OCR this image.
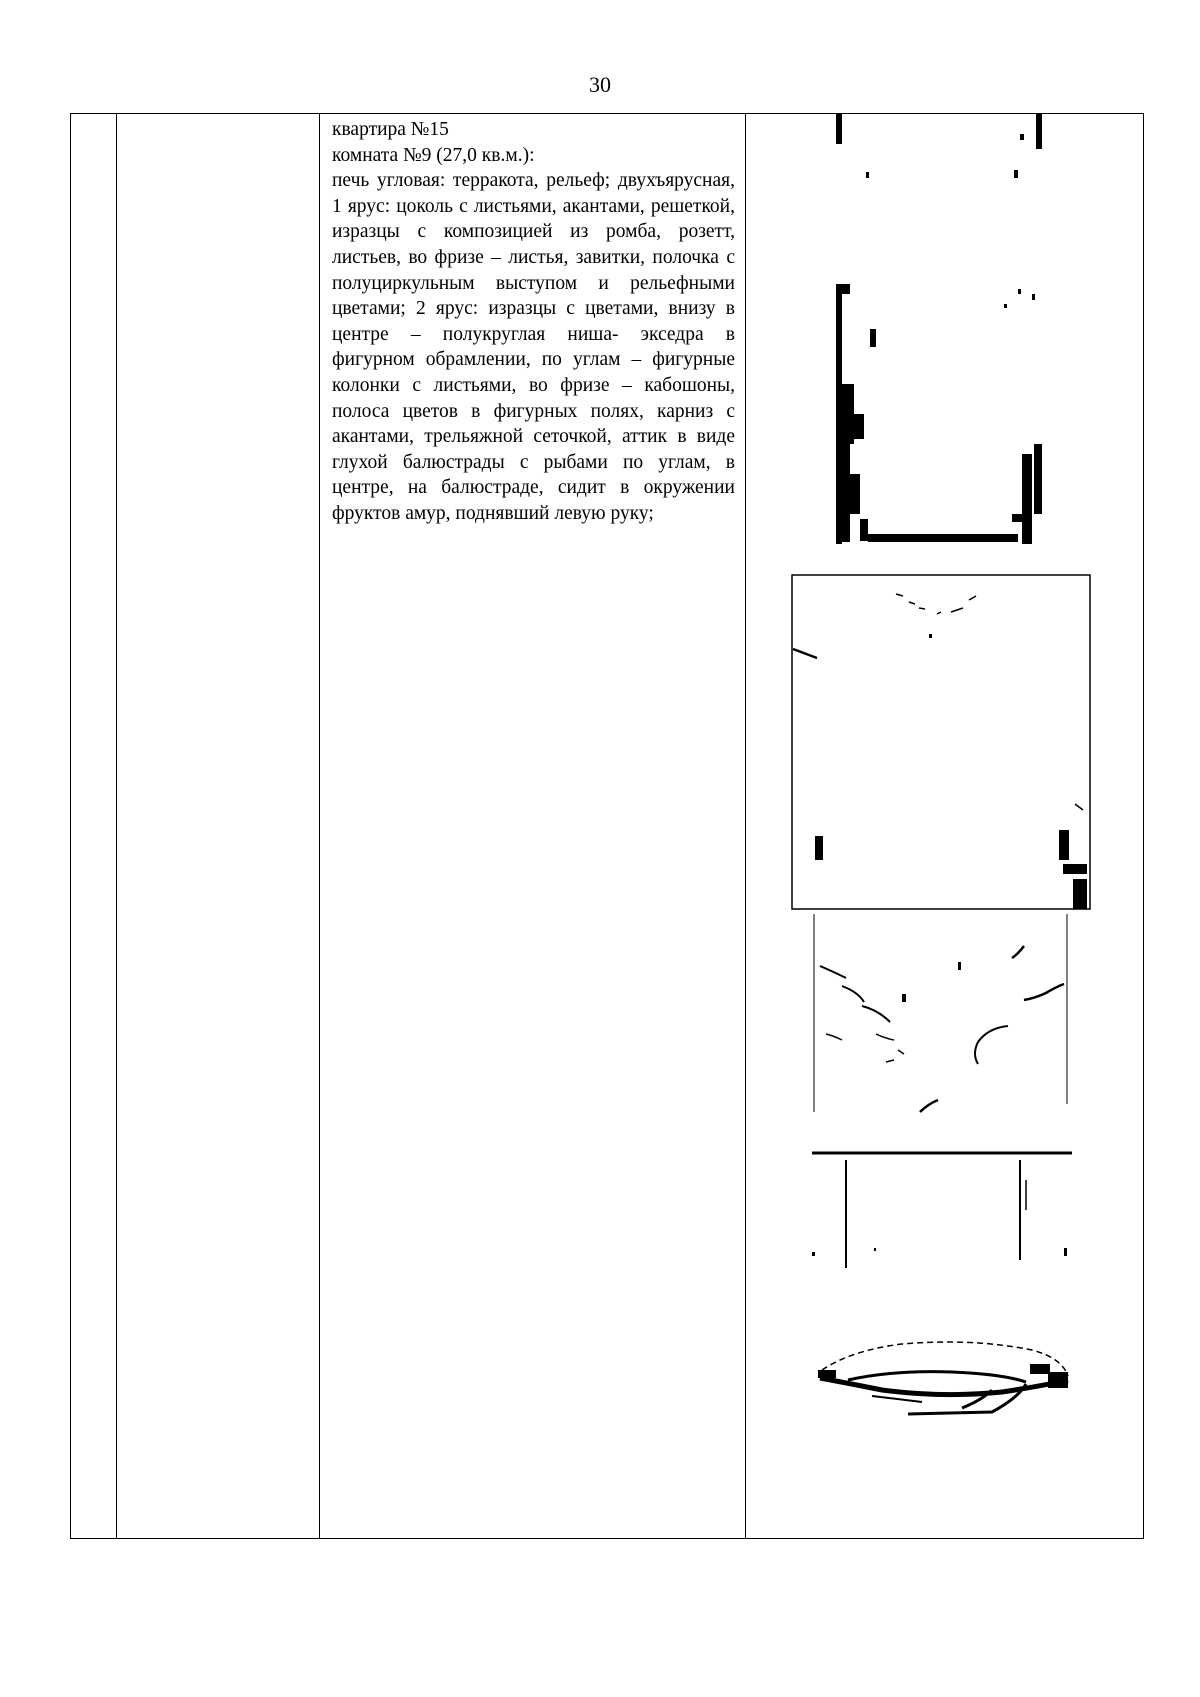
30

квартира №15
комната №9 (27,0 кв.м.):
печь угловая: терракота, рельеф; двухъярусная, 1 ярус: цоколь с листьями, акантами, решеткой, изразцы с композицией из ромба, розетт, листьев, во фризе – листья, завитки, полочка с полуциркульным выступом и рельефными цветами; 2 ярус: изразцы с цветами, внизу в центре – полукруглая ниша- экседра в фигурном обрамлении, по углам – фигурные колонки с листьями, во фризе – кабошоны, полоса цветов в фигурных полях, карниз с акантами, трельяжной сеточкой, аттик в виде глухой балюстрады с рыбами по углам, в центре, на балюстраде, сидит в окружении фруктов амур, поднявший левую руку;
